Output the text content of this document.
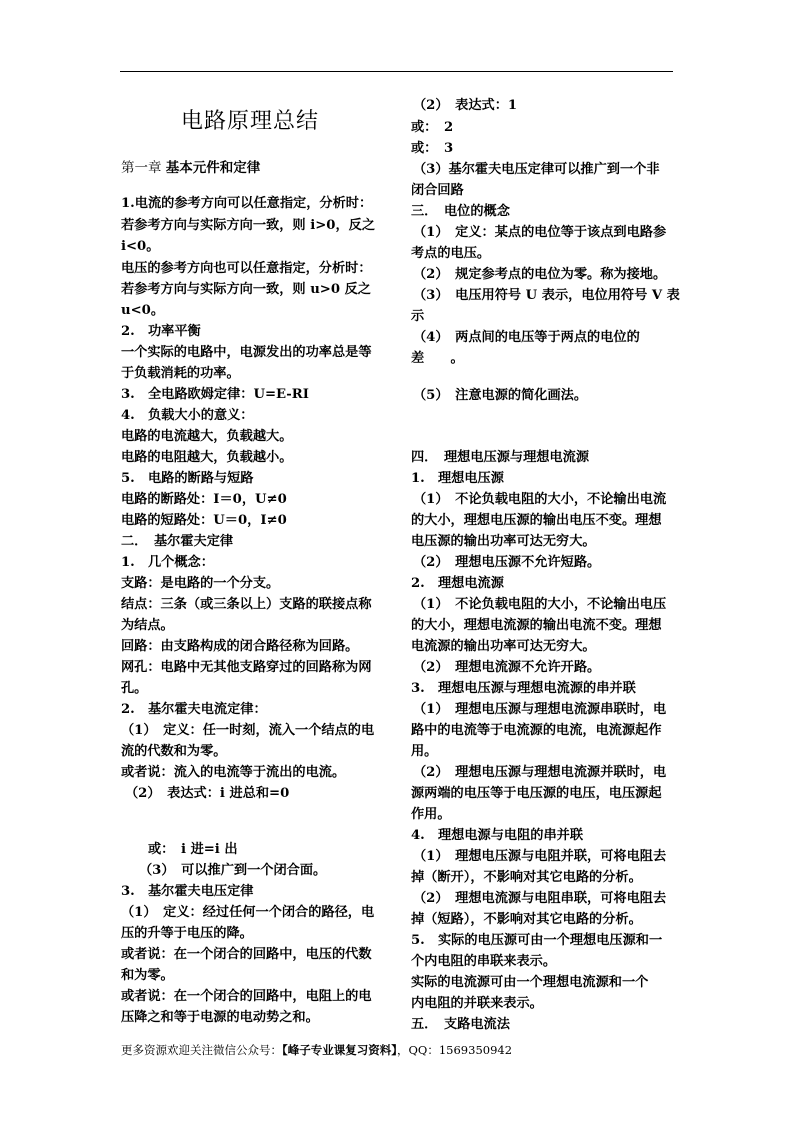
电路原理总结
第一章 基本元件和定律
1.电流的参考方向可以任意指定，分析时：
若参考方向与实际方向一致，则 i>0，反之
i<0。
电压的参考方向也可以任意指定，分析时：
若参考方向与实际方向一致，则 u>0 反之
u<0。
2.　功率平衡
一个实际的电路中，电源发出的功率总是等
于负载消耗的功率。
3.　全电路欧姆定律：U=E-RI
4.　负载大小的意义：
电路的电流越大，负载越大。
电路的电阻越大，负载越小。
5.　电路的断路与短路
电路的断路处：I＝0，U≠0
电路的短路处：U＝0，I≠0
二．　基尔霍夫定律
1.　几个概念：
支路：是电路的一个分支。
结点：三条（或三条以上）支路的联接点称
为结点。
回路：由支路构成的闭合路径称为回路。
网孔：电路中无其他支路穿过的回路称为网
孔。
2.　基尔霍夫电流定律：
（1）　定义：任一时刻，流入一个结点的电
流的代数和为零。
或者说：流入的电流等于流出的电流。
（2）　表达式：i 进总和=0
或：　i 进=i 出
（3）　可以推广到一个闭合面。
3.　基尔霍夫电压定律
（1）　定义：经过任何一个闭合的路径，电
压的升等于电压的降。
或者说：在一个闭合的回路中，电压的代数
和为零。
或者说：在一个闭合的回路中，电阻上的电
压降之和等于电源的电动势之和。
（2）　表达式：1
或：　2
或：　3
（3）基尔霍夫电压定律可以推广到一个非
闭合回路
三．　电位的概念
（1）　定义：某点的电位等于该点到电路参
考点的电压。
（2）　规定参考点的电位为零。称为接地。
（3）　电压用符号 U 表示，电位用符号 V 表
示
（4）　两点间的电压等于两点的电位的
差　　。
（5）　注意电源的简化画法。
四．　理想电压源与理想电流源
1.　理想电压源
（1）　不论负载电阻的大小，不论输出电流
的大小，理想电压源的输出电压不变。理想
电压源的输出功率可达无穷大。
（2）　理想电压源不允许短路。
2.　理想电流源
（1）　不论负载电阻的大小，不论输出电压
的大小，理想电流源的输出电流不变。理想
电流源的输出功率可达无穷大。
（2）　理想电流源不允许开路。
3.　理想电压源与理想电流源的串并联
（1）　理想电压源与理想电流源串联时，电
路中的电流等于电流源的电流，电流源起作
用。
（2）　理想电压源与理想电流源并联时，电
源两端的电压等于电压源的电压，电压源起
作用。
4.　理想电源与电阻的串并联
（1）　理想电压源与电阻并联，可将电阻去
掉（断开），不影响对其它电路的分析。
（2）　理想电流源与电阻串联，可将电阻去
掉（短路），不影响对其它电路的分析。
5.　实际的电压源可由一个理想电压源和一
个内电阻的串联来表示。
实际的电流源可由一个理想电流源和一个
内电阻的并联来表示。
五．　支路电流法
更多资源欢迎关注微信公众号：【峰子专业课复习资料】，QQ：1569350942
